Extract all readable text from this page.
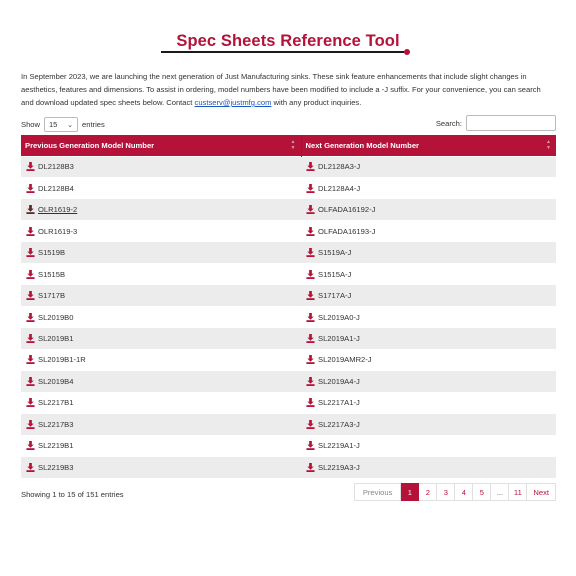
Spec Sheets Reference Tool

In September 2023, we are launching the next generation of Just Manufacturing sinks. These sink feature enhancements that include slight changes in aesthetics, features and dimensions. To assist in ordering, model numbers have been modified to include a -J suffix. For your convenience, you can search and download updated spec sheets below. Contact custserv@justmfg.com with any product inquiries.

Show 15 ⌄ entries	Search:
Previous Generation Model Number ▲
▼	Next Generation Model Number ▲
▼

DL2128B3	DL2128A3-J

DL2128B4	DL2128A4-J

OLR1619-2	OLFADA16192-J

OLR1619-3	OLFADA16193-J

S1519B	S1519A-J

S1515B	S1515A-J

S1717B	S1717A-J

SL2019B0	SL2019A0-J

SL2019B1	SL2019A1-J

SL2019B1-1R	SL2019AMR2-J

SL2019B4	SL2019A4-J

SL2217B1	SL2217A1-J

SL2217B3	SL2217A3-J

SL2219B1	SL2219A1-J

SL2219B3	SL2219A3-J
Showing 1 to 15 of 151 entries	Previous	1	2	3	4	5	...	11	Next
